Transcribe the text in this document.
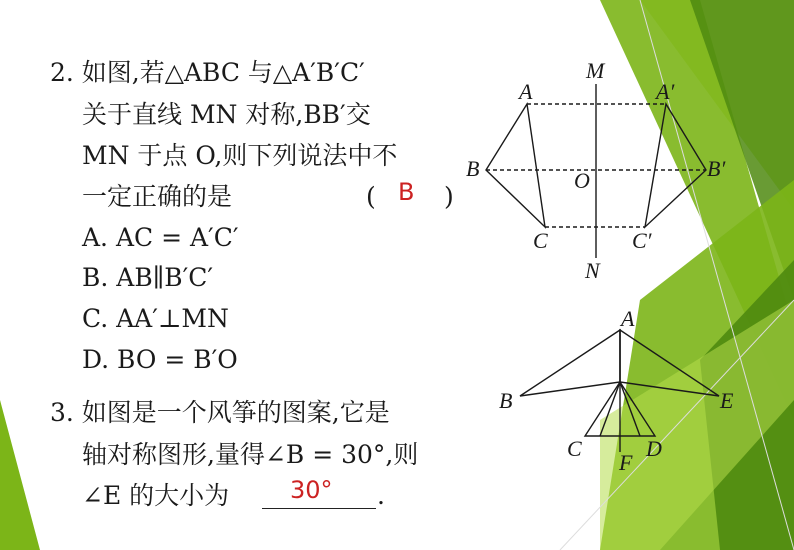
2. 如图,若△ABC 与△A′B′C′
关于直线 MN 对称,BB′交
MN 于点 O,则下列说法中不
一定正确的是	( B )
A. AC = A′C′
B. AB∥B′C′
C. AA′⊥MN
D. BO = B′O
3. 如图是一个风筝的图案,它是
轴对称图形,量得∠B = 30°,则
∠E 的大小为	30° .
M
N
A	A′
B	B′
C	C′
O
A
B	E
C	D
F
